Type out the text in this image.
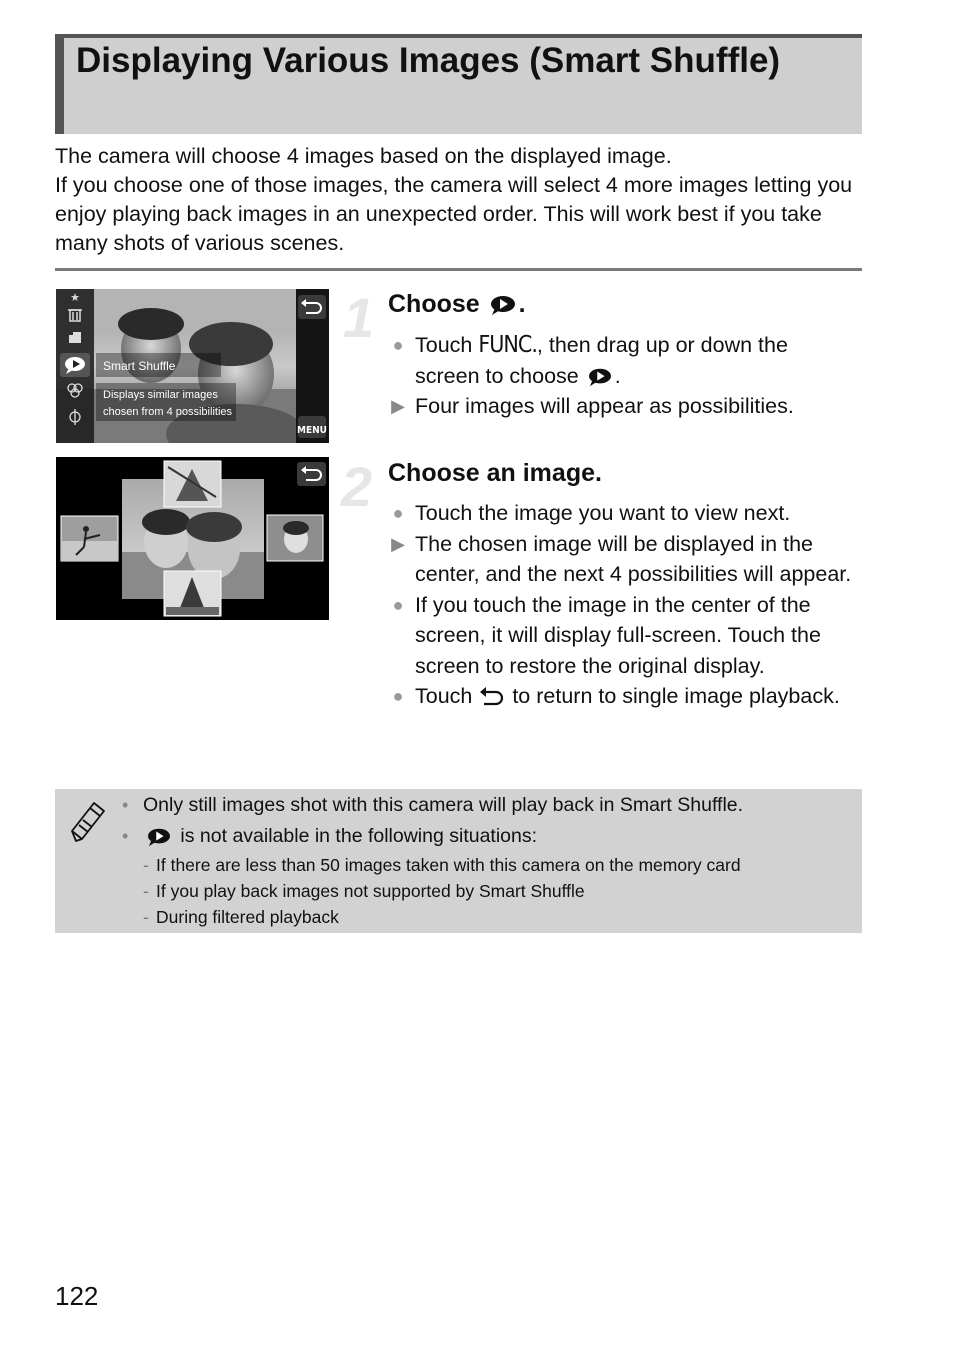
Displaying Various Images (Smart Shuffle)

The camera will choose 4 images based on the displayed image.

If you choose one of those images, the camera will select 4 more images letting you enjoy playing back images in an unexpected order. This will work best if you take many shots of various scenes.

★
Smart Shuffle
Displays similar images
chosen from 4 possibilities
MENU
1 Choose .
● Touch FUNC., then drag up or down the screen to choose .
▶ Four images will appear as possibilities.
2 Choose an image.
● Touch the image you want to view next.
▶ The chosen image will be displayed in the center, and the next 4 possibilities will appear.
● If you touch the image in the center of the screen, it will display full-screen. Touch the screen to restore the original display.
● Touch  to return to single image playback.
• Only still images shot with this camera will play back in Smart Shuffle.
• is not available in the following situations:
- If there are less than 50 images taken with this camera on the memory card
- If you play back images not supported by Smart Shuffle
- During filtered playback
122
